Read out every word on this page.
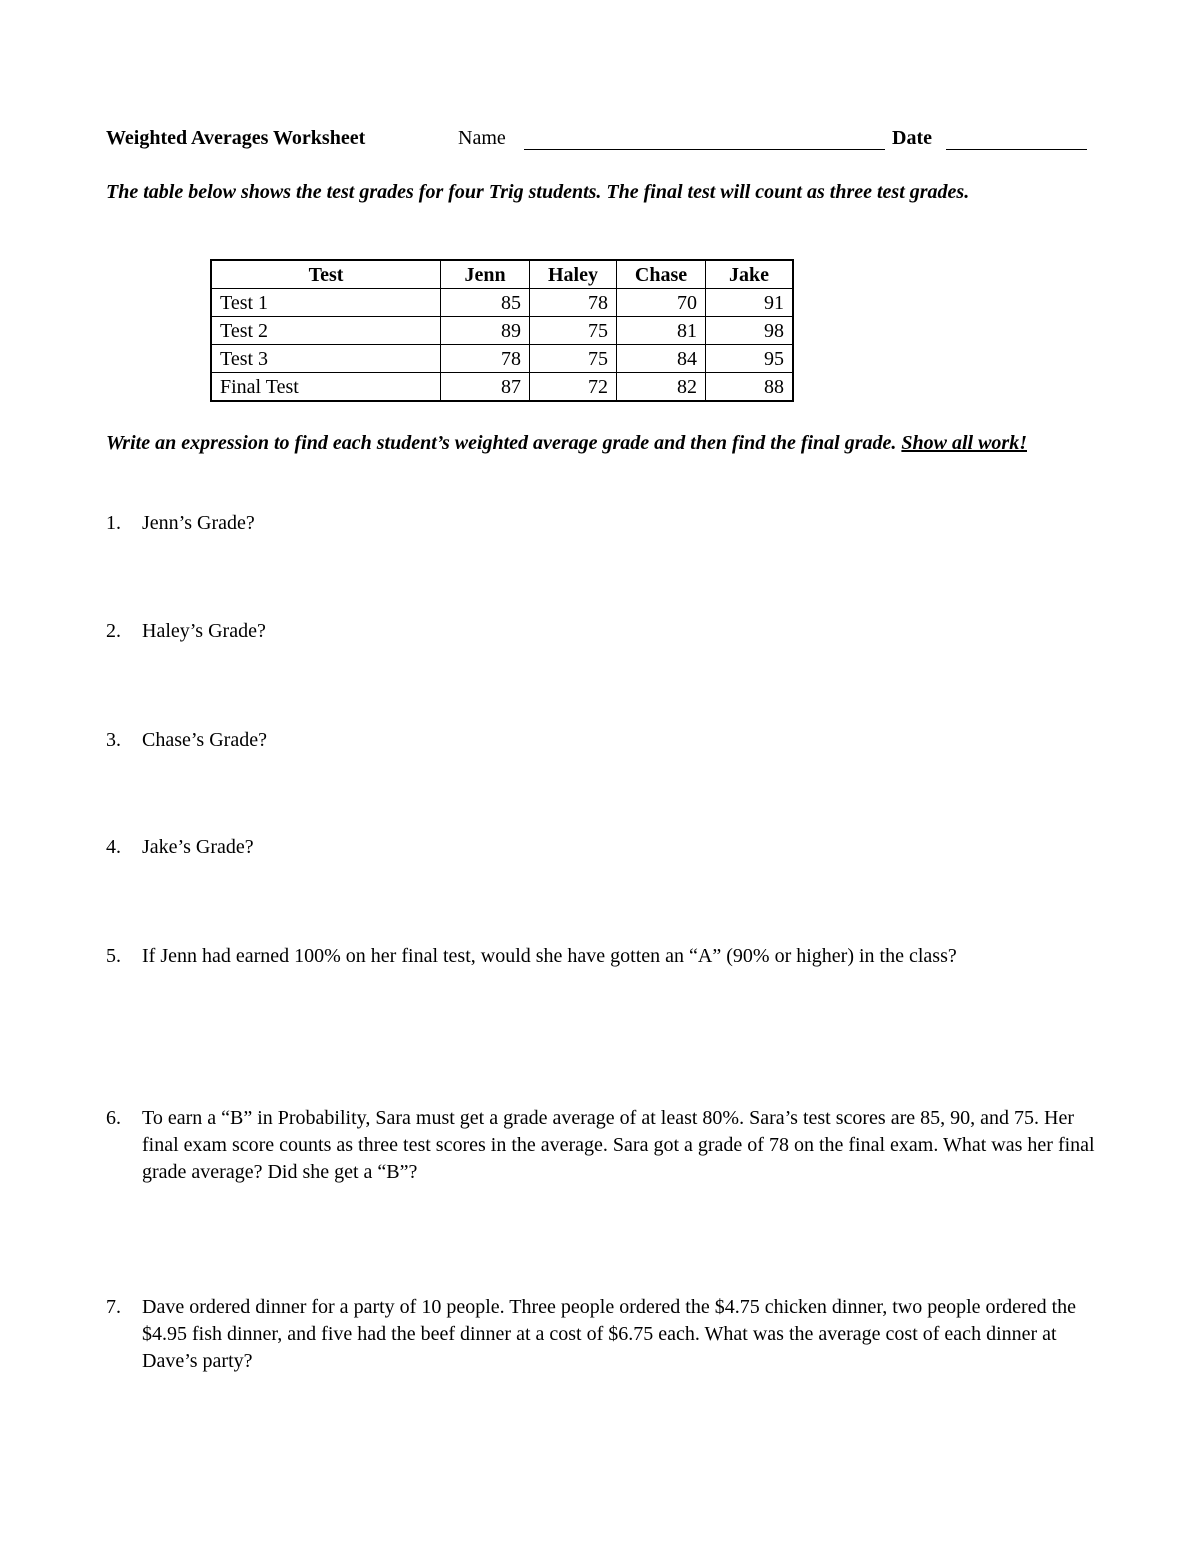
Weighted Averages Worksheet	Name	Date
The table below shows the test grades for four Trig students. The final test will count as three test grades.
Test	Jenn	Haley	Chase	Jake
Test 1	85	78	70	91
Test 2	89	75	81	98
Test 3	78	75	84	95
Final Test	87	72	82	88
Write an expression to find each student’s weighted average grade and then find the final grade. Show all work!
1. Jenn’s Grade?
2. Haley’s Grade?
3. Chase’s Grade?
4. Jake’s Grade?
5. If Jenn had earned 100% on her final test, would she have gotten an “A” (90% or higher) in the class?
6. To earn a “B” in Probability, Sara must get a grade average of at least 80%. Sara’s test scores are 85, 90, and 75. Her final exam score counts as three test scores in the average. Sara got a grade of 78 on the final exam. What was her final grade average? Did she get a “B”?
7. Dave ordered dinner for a party of 10 people. Three people ordered the $4.75 chicken dinner, two people ordered the $4.95 fish dinner, and five had the beef dinner at a cost of $6.75 each. What was the average cost of each dinner at Dave’s party?
